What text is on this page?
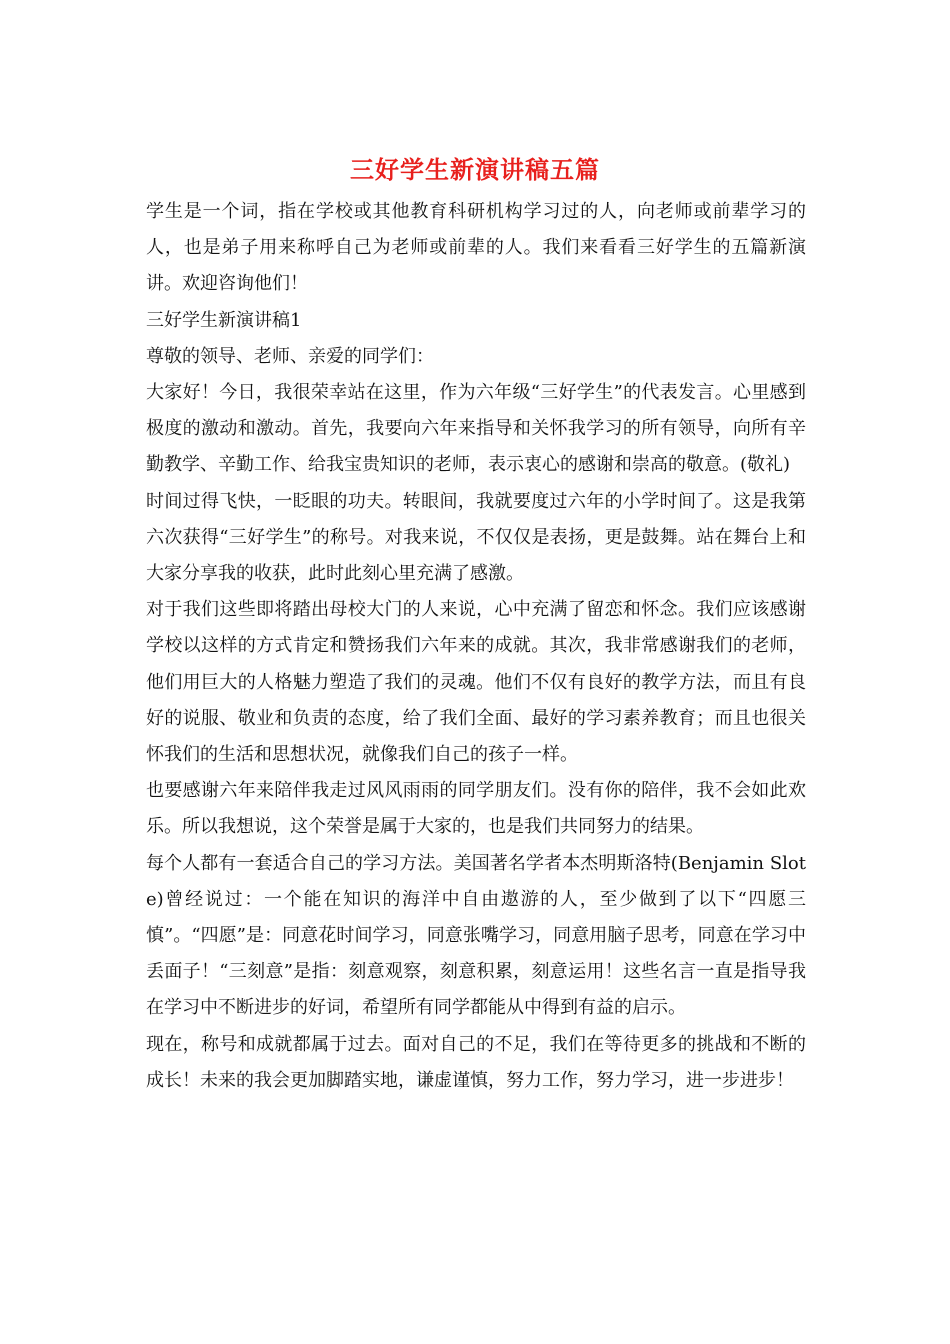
三好学生新演讲稿五篇

学生是一个词，指在学校或其他教育科研机构学习过的人，向老师或前辈学习的人，也是弟子用来称呼自己为老师或前辈的人。我们来看看三好学生的五篇新演讲。欢迎咨询他们！

三好学生新演讲稿1

尊敬的领导、老师、亲爱的同学们：

大家好！今日，我很荣幸站在这里，作为六年级“三好学生”的代表发言。心里感到极度的激动和激动。首先，我要向六年来指导和关怀我学习的所有领导，向所有辛勤教学、辛勤工作、给我宝贵知识的老师，表示衷心的感谢和崇高的敬意。(敬礼)

时间过得飞快，一眨眼的功夫。转眼间，我就要度过六年的小学时间了。这是我第六次获得“三好学生”的称号。对我来说，不仅仅是表扬，更是鼓舞。站在舞台上和大家分享我的收获，此时此刻心里充满了感激。

对于我们这些即将踏出母校大门的人来说，心中充满了留恋和怀念。我们应该感谢学校以这样的方式肯定和赞扬我们六年来的成就。其次，我非常感谢我们的老师，他们用巨大的人格魅力塑造了我们的灵魂。他们不仅有良好的教学方法，而且有良好的说服、敬业和负责的态度，给了我们全面、最好的学习素养教育；而且也很关怀我们的生活和思想状况，就像我们自己的孩子一样。

也要感谢六年来陪伴我走过风风雨雨的同学朋友们。没有你的陪伴，我不会如此欢乐。所以我想说，这个荣誉是属于大家的，也是我们共同努力的结果。

每个人都有一套适合自己的学习方法。美国著名学者本杰明斯洛特(Benjamin Slote)曾经说过：一个能在知识的海洋中自由遨游的人，至少做到了以下“四愿三慎”。“四愿”是：同意花时间学习，同意张嘴学习，同意用脑子思考，同意在学习中丢面子！“三刻意”是指：刻意观察，刻意积累，刻意运用！这些名言一直是指导我在学习中不断进步的好词，希望所有同学都能从中得到有益的启示。

现在，称号和成就都属于过去。面对自己的不足，我们在等待更多的挑战和不断的成长！未来的我会更加脚踏实地，谦虚谨慎，努力工作，努力学习，进一步进步！
